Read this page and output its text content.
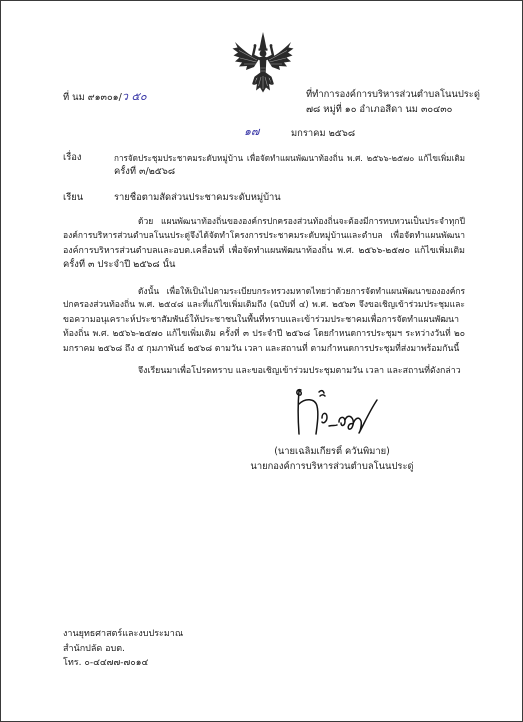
ที่ นม ๙๑๓๐๑/ว ๕๐	ที่ทำการองค์การบริหารส่วนตำบลโนนประดู่
๗๘ หมู่ที่ ๑๐ อำเภอสีดา นม ๓๐๔๓๐
๑๗	มกราคม ๒๕๖๘
เรื่อง	การจัดประชุมประชาคมระดับหมู่บ้าน เพื่อจัดทำแผนพัฒนาท้องถิ่น พ.ศ. ๒๕๖๖-๒๕๗๐ แก้ไขเพิ่มเติม
ครั้งที่ ๓/๒๕๖๘
เรียน	รายชื่อตามสัดส่วนประชาคมระดับหมู่บ้าน
ด้วย แผนพัฒนาท้องถิ่นขององค์กรปกครองส่วนท้องถิ่นจะต้องมีการทบทวนเป็นประจำทุกปี
องค์การบริหารส่วนตำบลโนนประดู่จึงได้จัดทำโครงการประชาคมระดับหมู่บ้านและตำบล เพื่อจัดทำแผนพัฒนา
องค์การบริหารส่วนตำบลและอบต.เคลื่อนที่ เพื่อจัดทำแผนพัฒนาท้องถิ่น พ.ศ. ๒๕๖๖-๒๕๗๐ แก้ไขเพิ่มเติม
ครั้งที่ ๓ ประจำปี ๒๕๖๘ นั้น
ดังนั้น เพื่อให้เป็นไปตามระเบียบกระทรวงมหาดไทยว่าด้วยการจัดทำแผนพัฒนาขององค์กร
ปกครองส่วนท้องถิ่น พ.ศ. ๒๕๔๘ และที่แก้ไขเพิ่มเติมถึง (ฉบับที่ ๔) พ.ศ. ๒๕๖๓ จึงขอเชิญเข้าร่วมประชุมและ
ขอความอนุเคราะห์ประชาสัมพันธ์ให้ประชาชนในพื้นที่ทราบและเข้าร่วมประชาคมเพื่อการจัดทำแผนพัฒนา
ท้องถิ่น พ.ศ. ๒๕๖๖-๒๕๗๐ แก้ไขเพิ่มเติม ครั้งที่ ๓ ประจำปี ๒๕๖๘ โดยกำหนดการประชุมฯ ระหว่างวันที่ ๒๐
มกราคม ๒๕๖๘ ถึง ๕ กุมภาพันธ์ ๒๕๖๘ ตามวัน เวลา และสถานที่ ตามกำหนดการประชุมที่ส่งมาพร้อมกันนี้
จึงเรียนมาเพื่อโปรดทราบ และขอเชิญเข้าร่วมประชุมตามวัน เวลา และสถานที่ดังกล่าว
(นายเฉลิมเกียรติ์ ควันพิมาย)
นายกองค์การบริหารส่วนตำบลโนนประดู่
งานยุทธศาสตร์และงบประมาณ
สำนักปลัด อบต.
โทร. ๐-๔๔๗๗-๗๐๑๔
